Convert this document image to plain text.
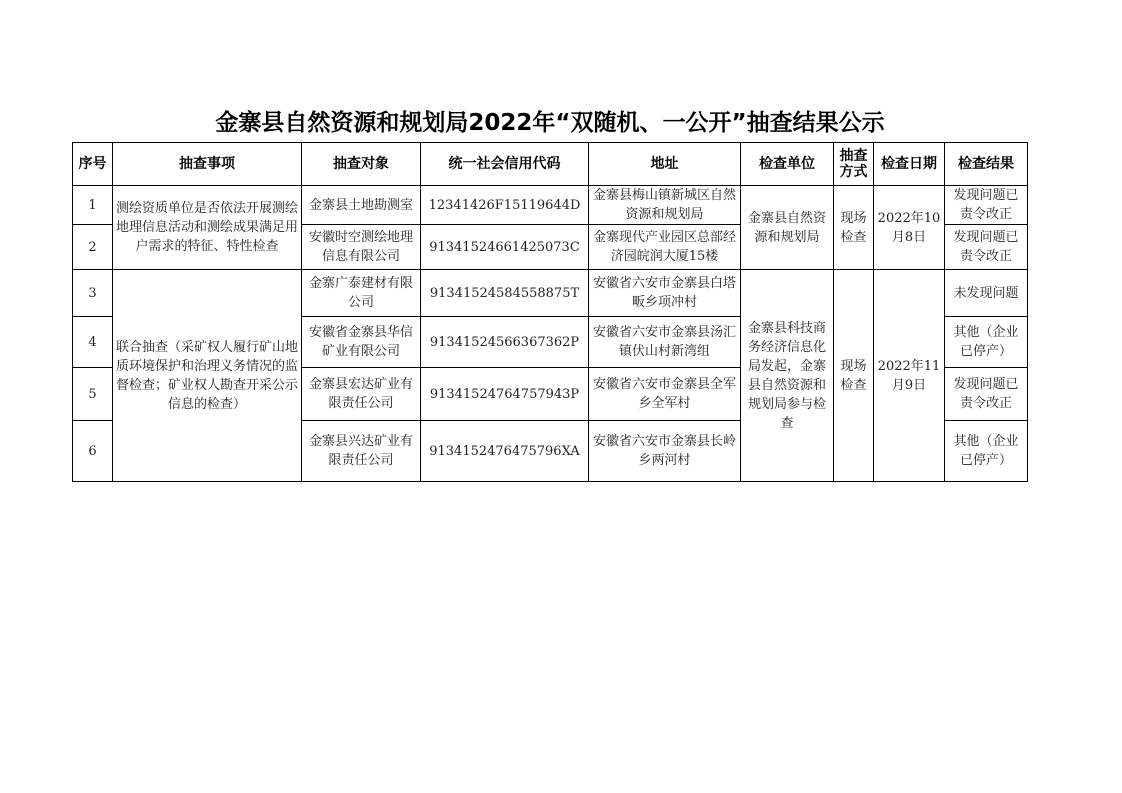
金寨县自然资源和规划局2022年“双随机、一公开”抽查结果公示
序号	抽查事项	抽查对象	统一社会信用代码	地址	检查单位	抽查方式	检查日期	检查结果
1	测绘资质单位是否依法开展测绘地理信息活动和测绘成果满足用户需求的特征、特性检查	金寨县土地勘测室	12341426F15119644D	金寨县梅山镇新城区自然资源和规划局	金寨县自然资源和规划局	现场检查	2022年10月8日	发现问题已责令改正
2		安徽时空测绘地理信息有限公司	91341524661425073C	金寨现代产业园区总部经济园皖润大厦15楼				发现问题已责令改正
3	联合抽查（采矿权人履行矿山地质环境保护和治理义务情况的监督检查；矿业权人勘查开采公示信息的检查）	金寨广泰建材有限公司	91341524584558875T	安徽省六安市金寨县白塔畈乡项冲村	金寨县科技商务经济信息化局发起，金寨县自然资源和规划局参与检查	现场检查	2022年11月9日	未发现问题
4		安徽省金寨县华信矿业有限公司	91341524566367362P	安徽省六安市金寨县汤汇镇伏山村新湾组				其他（企业已停产）
5		金寨县宏达矿业有限责任公司	91341524764757943P	安徽省六安市金寨县全军乡全军村				发现问题已责令改正
6		金寨县兴达矿业有限责任公司	9134152476475796XA	安徽省六安市金寨县长岭乡两河村				其他（企业已停产）
